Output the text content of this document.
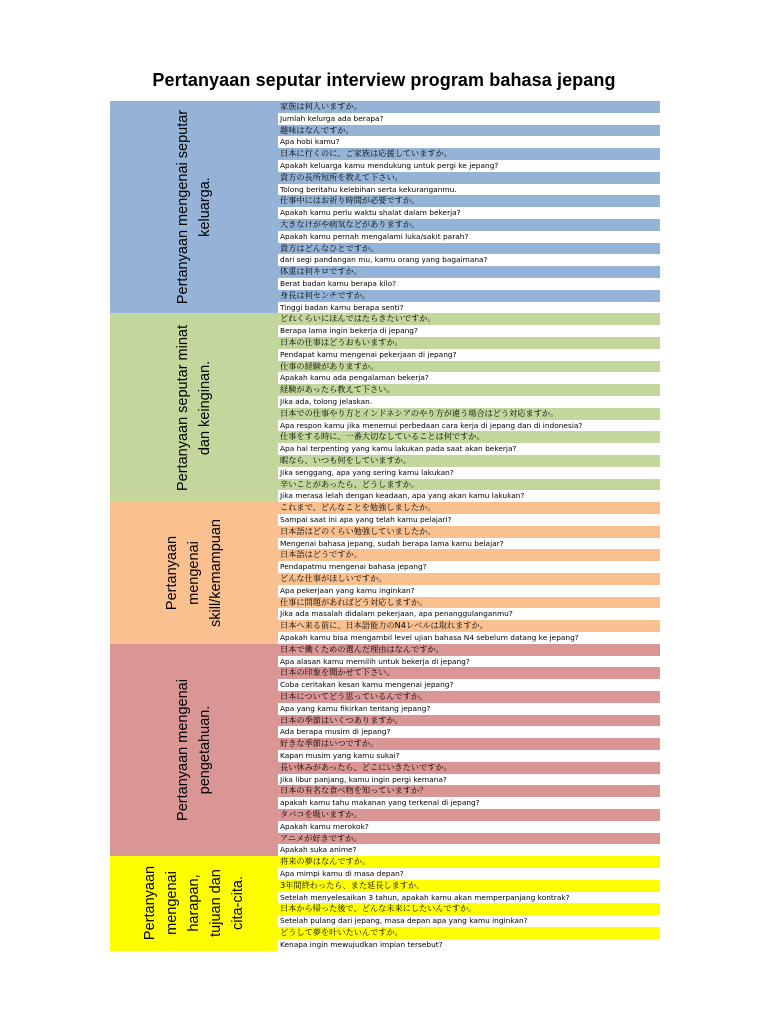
Pertanyaan seputar interview program bahasa jepang
Pertanyaan mengenai seputar
keluarga.
家族は何人いますか。
Jumlah kelurga ada berapa?
趣味はなんですか。
Apa hobi kamu?
日本に行くのに、ご家族は応援していますか。
Apakah keluarga kamu mendukung untuk pergi ke jepang?
貴方の長所短所を教えて下さい。
Tolong beritahu kelebihan serta kekuranganmu.
仕事中にはお祈り時間が必要ですか。
Apakah kamu perlu waktu shalat dalam bekerja?
大きなけがや病気などがありますか。
Apakah kamu pernah mengalami luka/sakit parah?
貴方はどんなひとですか。
dari segi pandangan mu, kamu orang yang bagaimana?
体重は何キロですか。
Berat badan kamu berapa kilo?
身長は何センチですか。
Tinggi badan kamu berapa senti?
Pertanyaan seputar minat
dan keinginan.
どれくらいにほんではたらきたいですか。
Berapa lama ingin bekerja di jepang?
日本の仕事はどうおもいますか。
Pendapat kamu mengenai pekerjaan di jepang?
仕事の経験がありますか。
Apakah kamu ada pengalaman bekerja?
経験があったら教えて下さい。
Jika ada, tolong jelaskan.
日本での仕事やり方とインドネシアのやり方が違う場合はどう対応ますか。
Apa respon kamu jika menemui perbedaan cara kerja di jepang dan di indonesia?
仕事をする時に、一番大切なしていることは何ですか。
Apa hal terpenting yang kamu lakukan pada saat akan bekerja?
暇なら、いつも何をしていますか。
Jika senggang, apa yang sering kamu lakukan?
辛いことがあったら、どうしますか。
Jika merasa lelah dengan keadaan, apa yang akan kamu lakukan?
Pertanyaan
mengenai
skill/kemampuan
これまで、どんなことを勉強しましたか。
Sampai saat ini apa yang telah kamu pelajari?
日本語はどのくらい勉強していましたか。
Mengenai bahasa jepang, sudah berapa lama kamu belajar?
日本語はどうですか。
Pendapatmu mengenai bahasa jepang?
どんな仕事がほしいですか。
Apa pekerjaan yang kamu inginkan?
仕事に問題があればどう対応しますか。
Jika ada masalah didalam pekerjaan, apa penanggulanganmu?
日本へ来る前に、日本語能力のN4レベルは取れますか。
Apakah kamu bisa mengambil level ujian bahasa N4 sebelum datang ke jepang?
Pertanyaan mengenai
pengetahuan.
日本で働くための選んだ理由はなんですか。
Apa alasan kamu memilih untuk bekerja di jepang?
日本の印象を聞かせて下さい。
Coba ceritakan kesan kamu mengenai jepang?
日本についてどう思っているんですか。
Apa yang kamu fikirkan tentang jepang?
日本の季節はいくつありますか。
Ada berapa musim di jepang?
好きな季節はいつですか。
Kapan musim yang kamu sukai?
長い休みがあったら、どこにいきたいですか。
Jika libur panjang, kamu ingin pergi kemana?
日本の有名な食べ物を知っていますか？
apakah kamu tahu makanan yang terkenal di jepang?
タバコを吸いますか。
Apakah kamu merokok?
アニメが好きですか。
Apakah suka anime?
Pertanyaan
mengenai
harapan,
tujuan dan
cita-cita.
将来の夢はなんですか。
Apa mimpi kamu di masa depan?
3年間終わったら、また延長しますか。
Setelah menyelesaikan 3 tahun, apakah kamu akan memperpanjang kontrak?
日本から帰った後で、どんな未来にしたいんですか。
Setelah pulang dari jepang, masa depan apa yang kamu inginkan?
どうして夢を叶いたいんですか。
Kenapa ingin mewujudkan impian tersebut?
